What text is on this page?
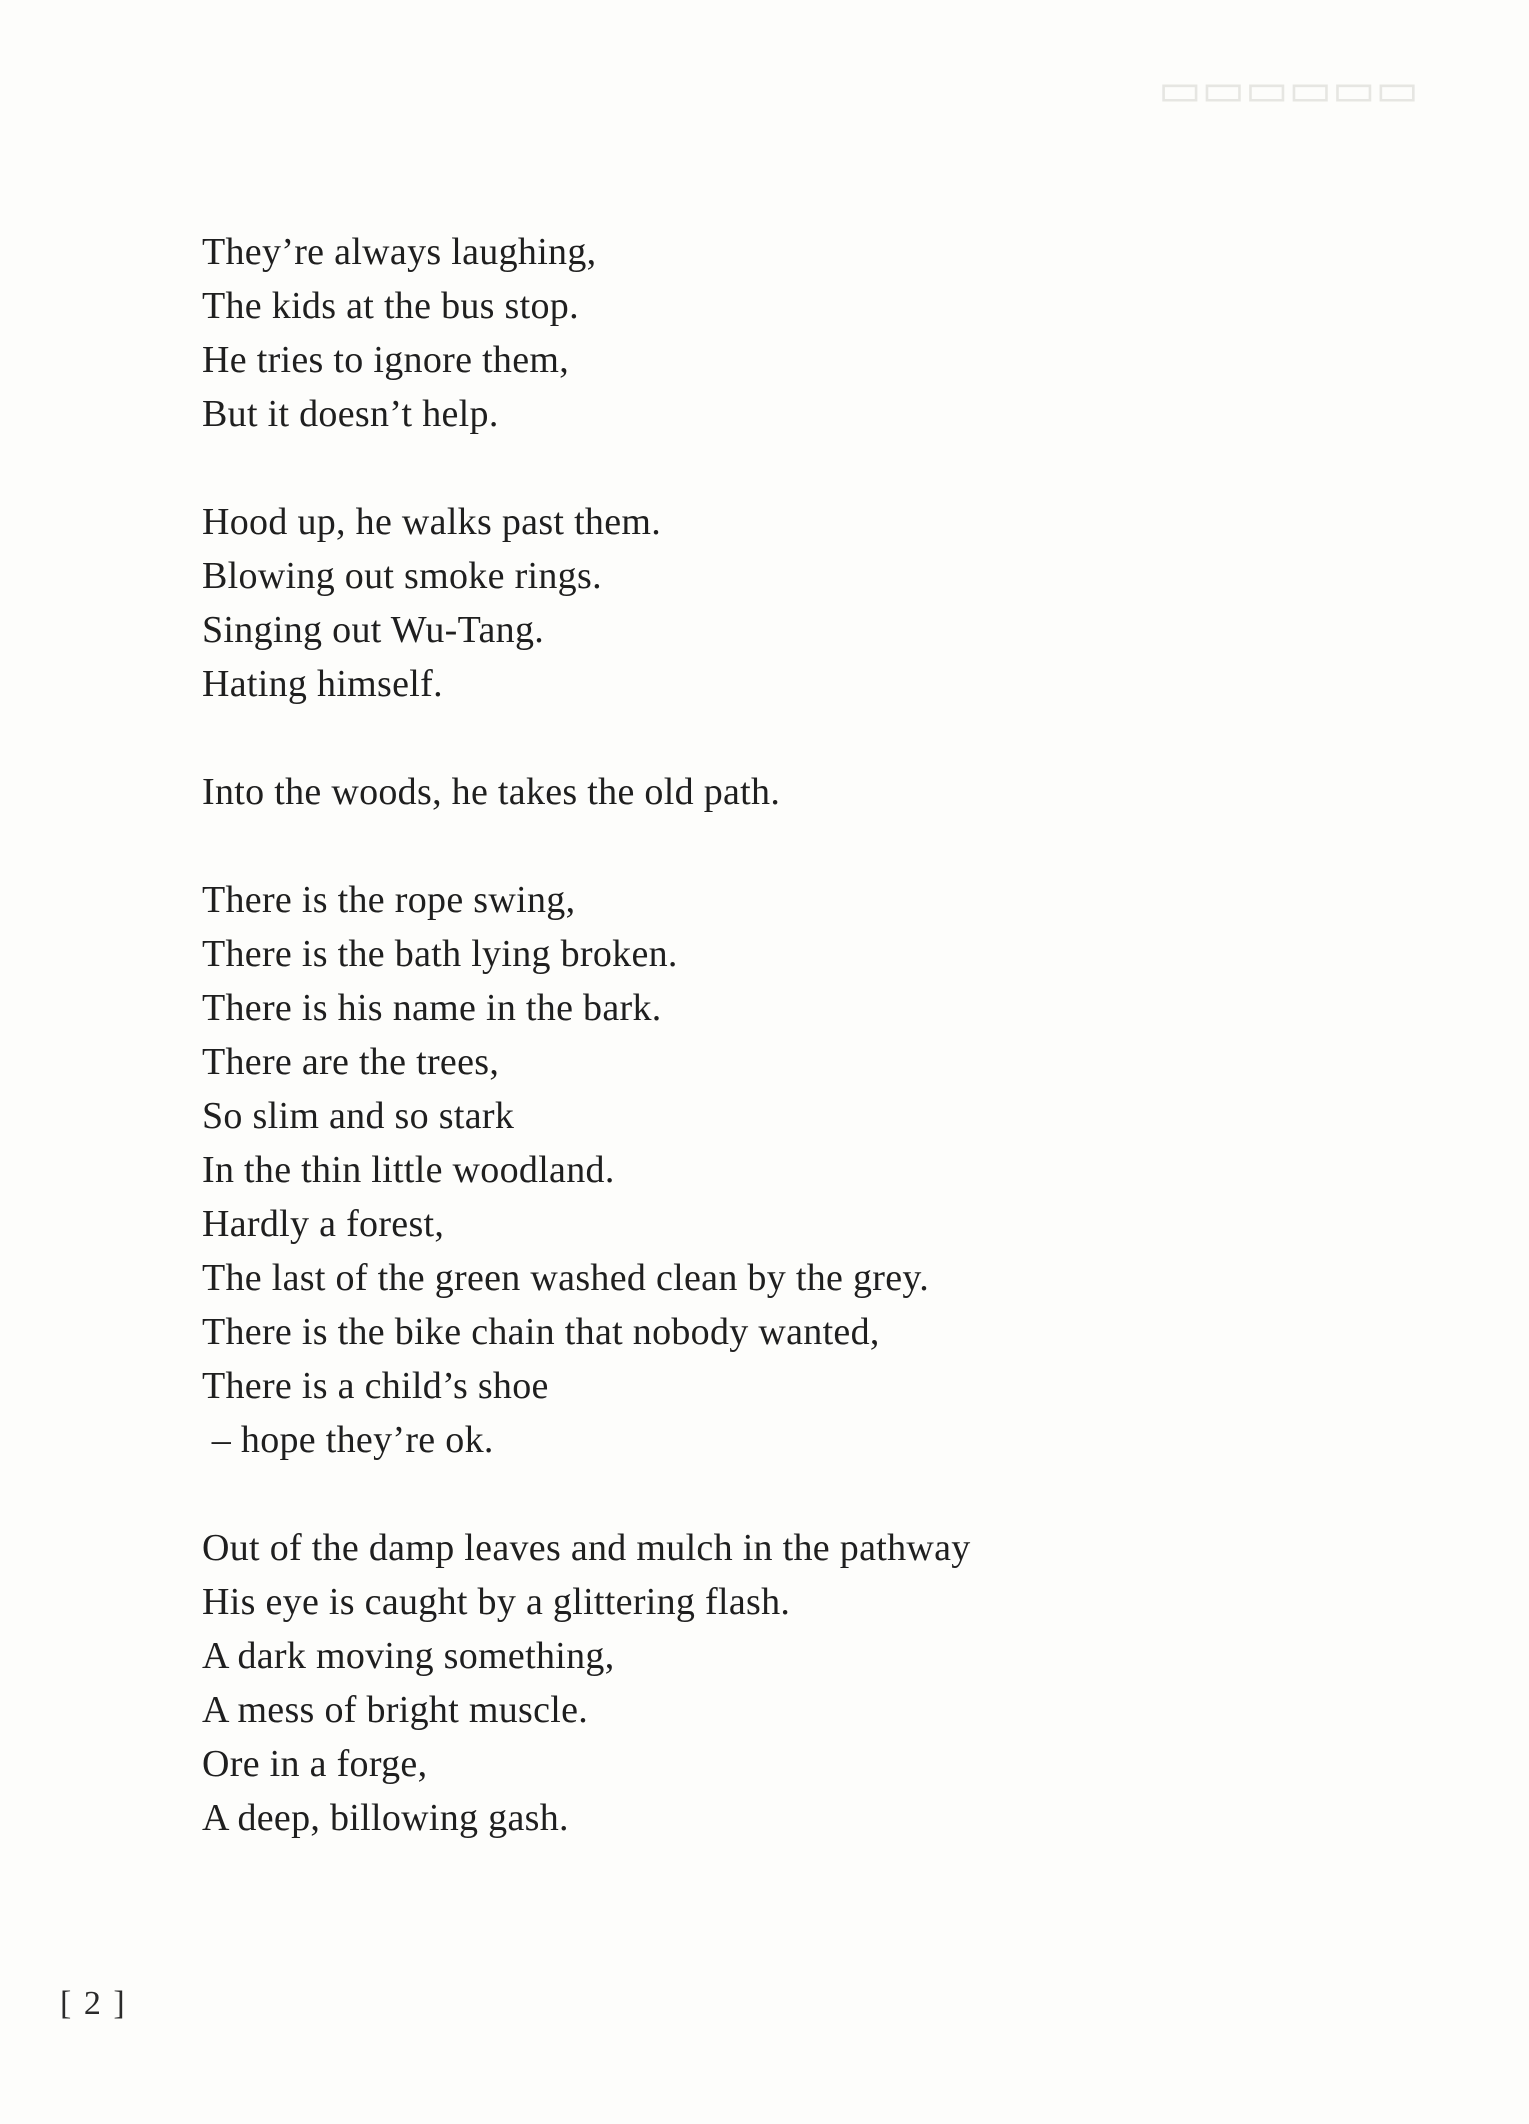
▭▭▭▭▭▭
They’re always laughing,
The kids at the bus stop.
He tries to ignore them,
But it doesn’t help.
Hood up, he walks past them.
Blowing out smoke rings.
Singing out Wu-Tang.
Hating himself.
Into the woods, he takes the old path.
There is the rope swing,
There is the bath lying broken.
There is his name in the bark.
There are the trees,
So slim and so stark
In the thin little woodland.
Hardly a forest,
The last of the green washed clean by the grey.
There is the bike chain that nobody wanted,
There is a child’s shoe
– hope they’re ok.
Out of the damp leaves and mulch in the pathway
His eye is caught by a glittering flash.
A dark moving something,
A mess of bright muscle.
Ore in a forge,
A deep, billowing gash.
[ 2 ]
